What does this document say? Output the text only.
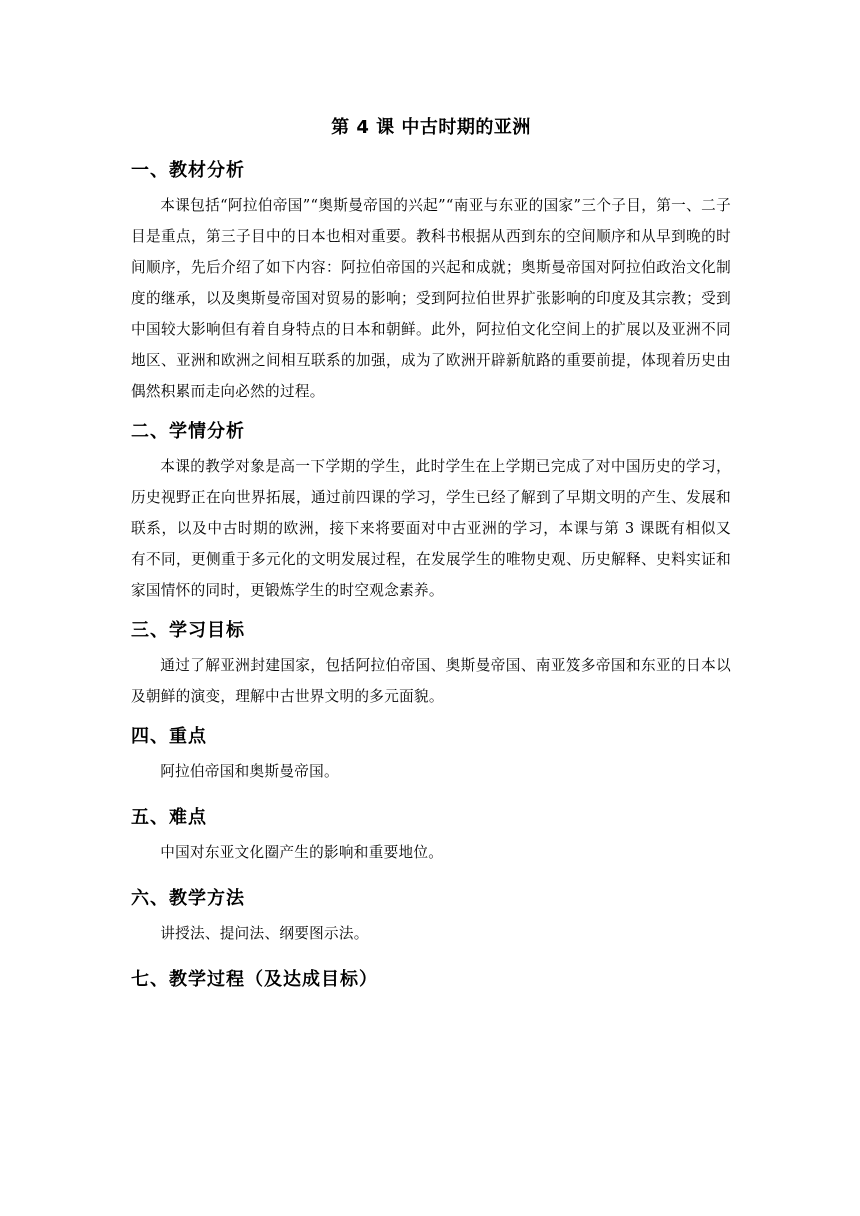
第 4 课 中古时期的亚洲
一、教材分析

本课包括“阿拉伯帝国”“奥斯曼帝国的兴起”“南亚与东亚的国家”三个子目，第一、二子目是重点，第三子目中的日本也相对重要。教科书根据从西到东的空间顺序和从早到晚的时间顺序，先后介绍了如下内容：阿拉伯帝国的兴起和成就；奥斯曼帝国对阿拉伯政治文化制度的继承，以及奥斯曼帝国对贸易的影响；受到阿拉伯世界扩张影响的印度及其宗教；受到中国较大影响但有着自身特点的日本和朝鲜。此外，阿拉伯文化空间上的扩展以及亚洲不同地区、亚洲和欧洲之间相互联系的加强，成为了欧洲开辟新航路的重要前提，体现着历史由偶然积累而走向必然的过程。

二、学情分析

本课的教学对象是高一下学期的学生，此时学生在上学期已完成了对中国历史的学习，历史视野正在向世界拓展，通过前四课的学习，学生已经了解到了早期文明的产生、发展和联系，以及中古时期的欧洲，接下来将要面对中古亚洲的学习，本课与第 3 课既有相似又有不同，更侧重于多元化的文明发展过程，在发展学生的唯物史观、历史解释、史料实证和家国情怀的同时，更锻炼学生的时空观念素养。

三、学习目标

通过了解亚洲封建国家，包括阿拉伯帝国、奥斯曼帝国、南亚笈多帝国和东亚的日本以及朝鲜的演变，理解中古世界文明的多元面貌。

四、重点

阿拉伯帝国和奥斯曼帝国。

五、难点

中国对东亚文化圈产生的影响和重要地位。

六、教学方法

讲授法、提问法、纲要图示法。

七、教学过程（及达成目标）
